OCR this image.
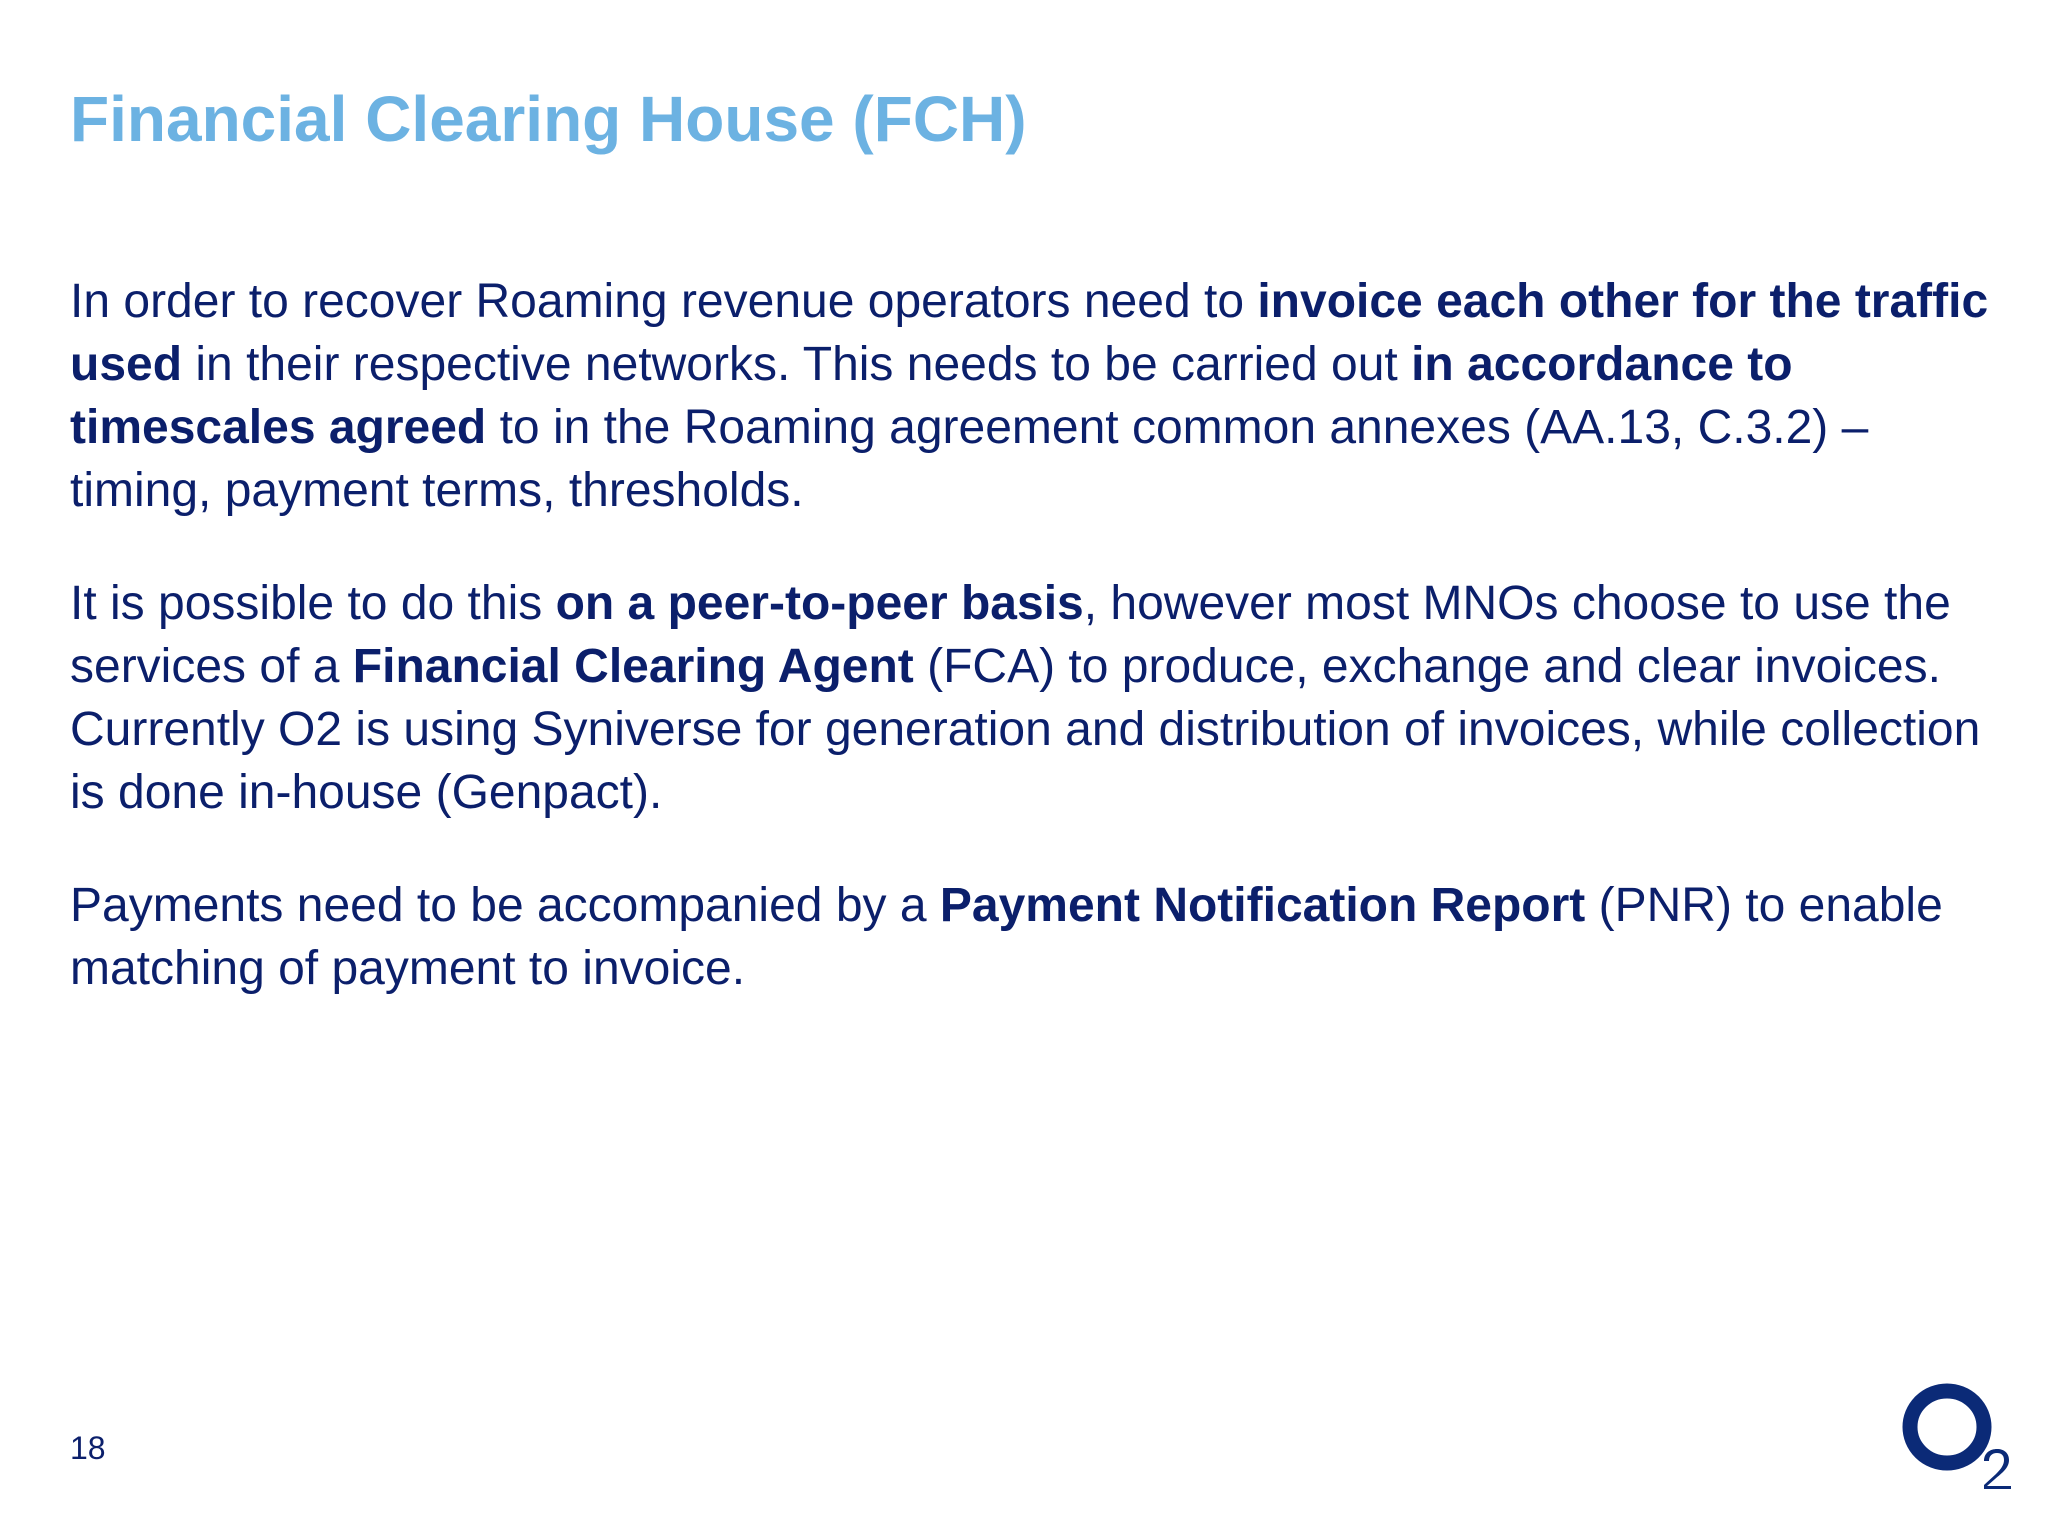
Financial Clearing House (FCH)

In order to recover Roaming revenue operators need to invoice each other for the traffic used in their respective networks. This needs to be carried out in accordance to timescales agreed to in the Roaming agreement common annexes (AA.13, C.3.2) – timing, payment terms, thresholds.

It is possible to do this on a peer-to-peer basis, however most MNOs choose to use the services of a Financial Clearing Agent (FCA) to produce, exchange and clear invoices. Currently O2 is using Syniverse for generation and distribution of invoices, while collection is done in-house (Genpact).

Payments need to be accompanied by a Payment Notification Report (PNR) to enable matching of payment to invoice.

18
